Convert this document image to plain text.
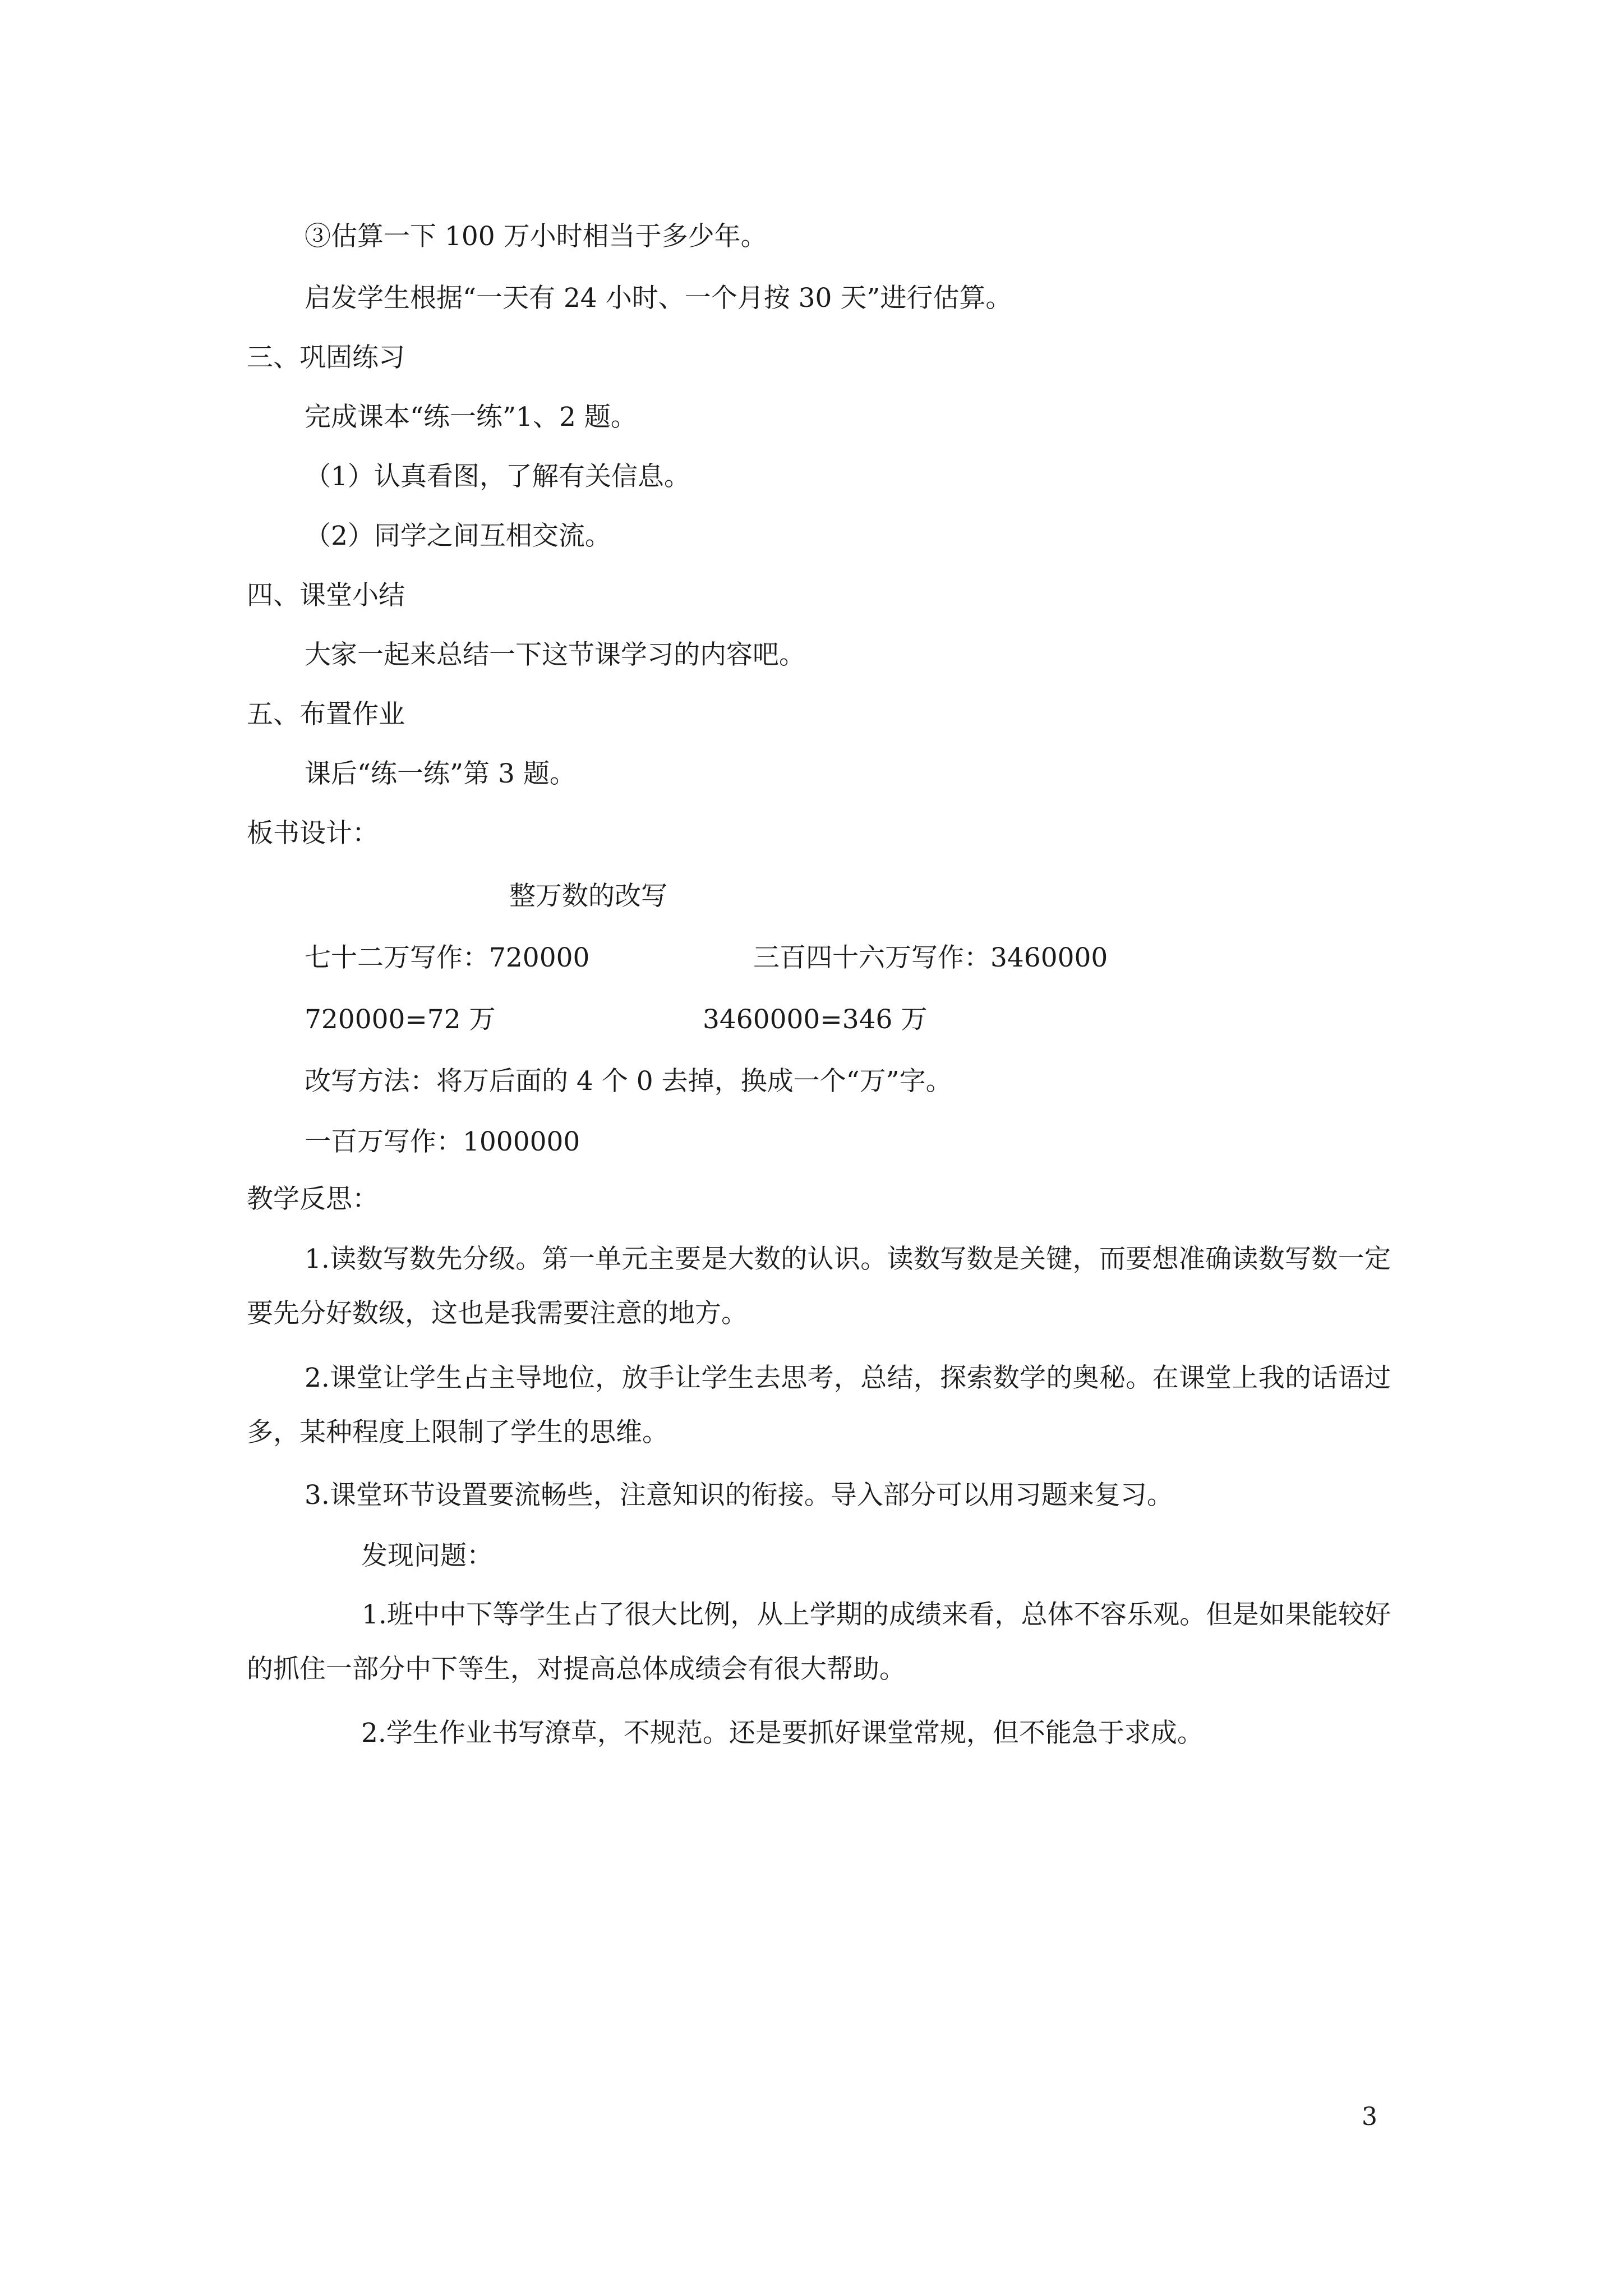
③估算一下 100 万小时相当于多少年。
启发学生根据“一天有 24 小时、一个月按 30 天”进行估算。
三、巩固练习
完成课本“练一练”1、2 题。
（1）认真看图，了解有关信息。
（2）同学之间互相交流。
四、课堂小结
大家一起来总结一下这节课学习的内容吧。
五、布置作业
课后“练一练”第 3 题。
板书设计：
整万数的改写
七十二万写作：720000	三百四十六万写作：3460000
720000=72 万	3460000=346 万
改写方法：将万后面的 4 个 0 去掉，换成一个“万”字。
一百万写作：1000000
教学反思：
1.读数写数先分级。第一单元主要是大数的认识。读数写数是关键，而要想准确读数写数一定要先分好数级，这也是我需要注意的地方。
2.课堂让学生占主导地位，放手让学生去思考，总结，探索数学的奥秘。在课堂上我的话语过多，某种程度上限制了学生的思维。
3.课堂环节设置要流畅些，注意知识的衔接。导入部分可以用习题来复习。
发现问题：
1.班中中下等学生占了很大比例，从上学期的成绩来看，总体不容乐观。但是如果能较好的抓住一部分中下等生，对提高总体成绩会有很大帮助。
2.学生作业书写潦草，不规范。还是要抓好课堂常规，但不能急于求成。
3
